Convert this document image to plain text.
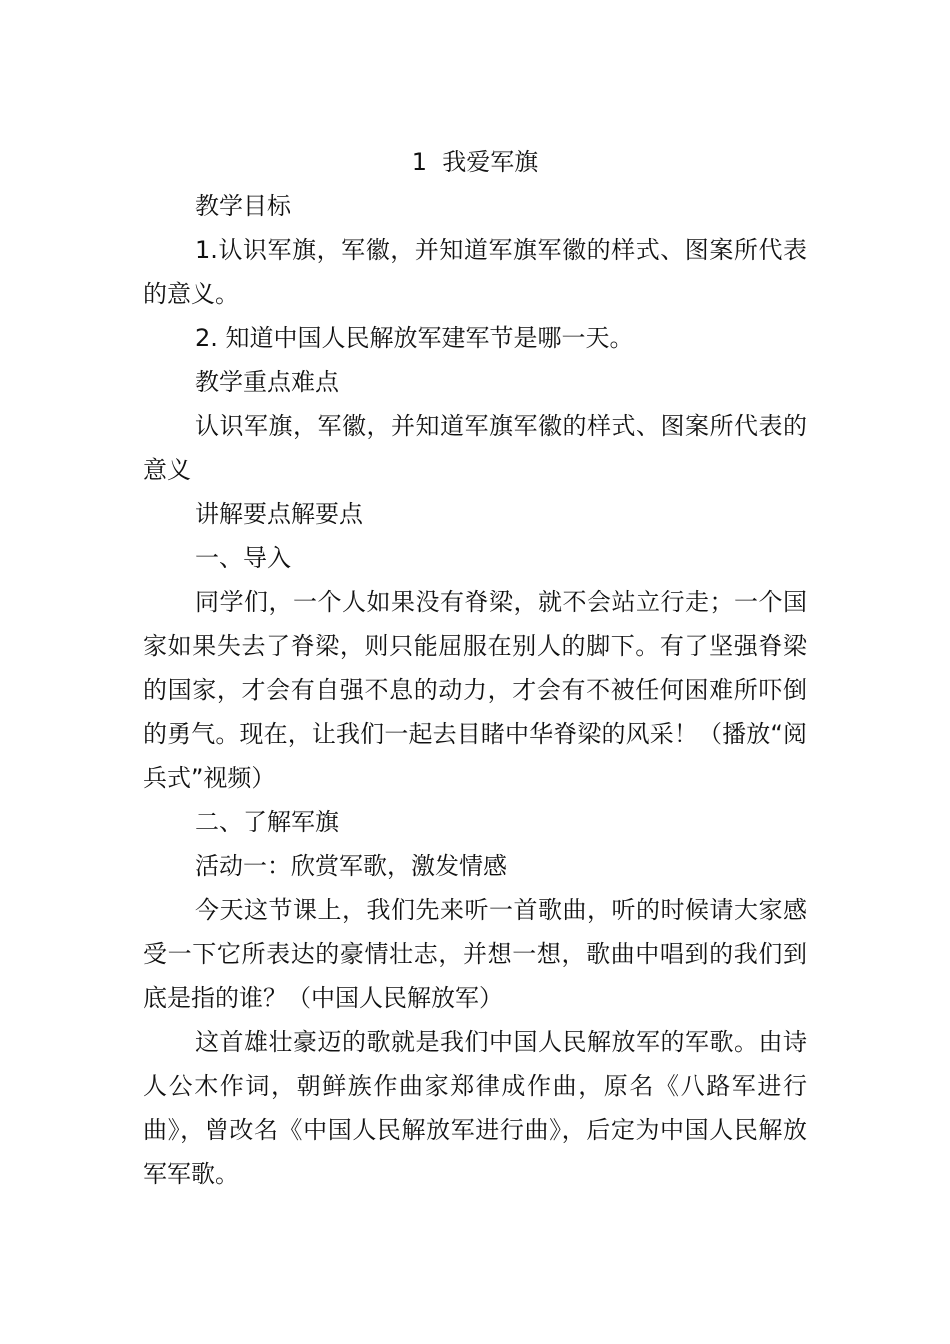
1  我爱军旗

教学目标

1.认识军旗，军徽，并知道军旗军徽的样式、图案所代表的意义。

2. 知道中国人民解放军建军节是哪一天。

教学重点难点

认识军旗，军徽，并知道军旗军徽的样式、图案所代表的意义

讲解要点解要点

一、导入

同学们，一个人如果没有脊梁，就不会站立行走；一个国家如果失去了脊梁，则只能屈服在别人的脚下。有了坚强脊梁的国家，才会有自强不息的动力，才会有不被任何困难所吓倒的勇气。现在，让我们一起去目睹中华脊梁的风采！（播放“阅兵式”视频）

二、了解军旗

活动一：欣赏军歌，激发情感

今天这节课上，我们先来听一首歌曲，听的时候请大家感受一下它所表达的豪情壮志，并想一想，歌曲中唱到的我们到底是指的谁？（中国人民解放军）

这首雄壮豪迈的歌就是我们中国人民解放军的军歌。由诗人公木作词，朝鲜族作曲家郑律成作曲，原名《八路军进行曲》，曾改名《中国人民解放军进行曲》，后定为中国人民解放军军歌。
